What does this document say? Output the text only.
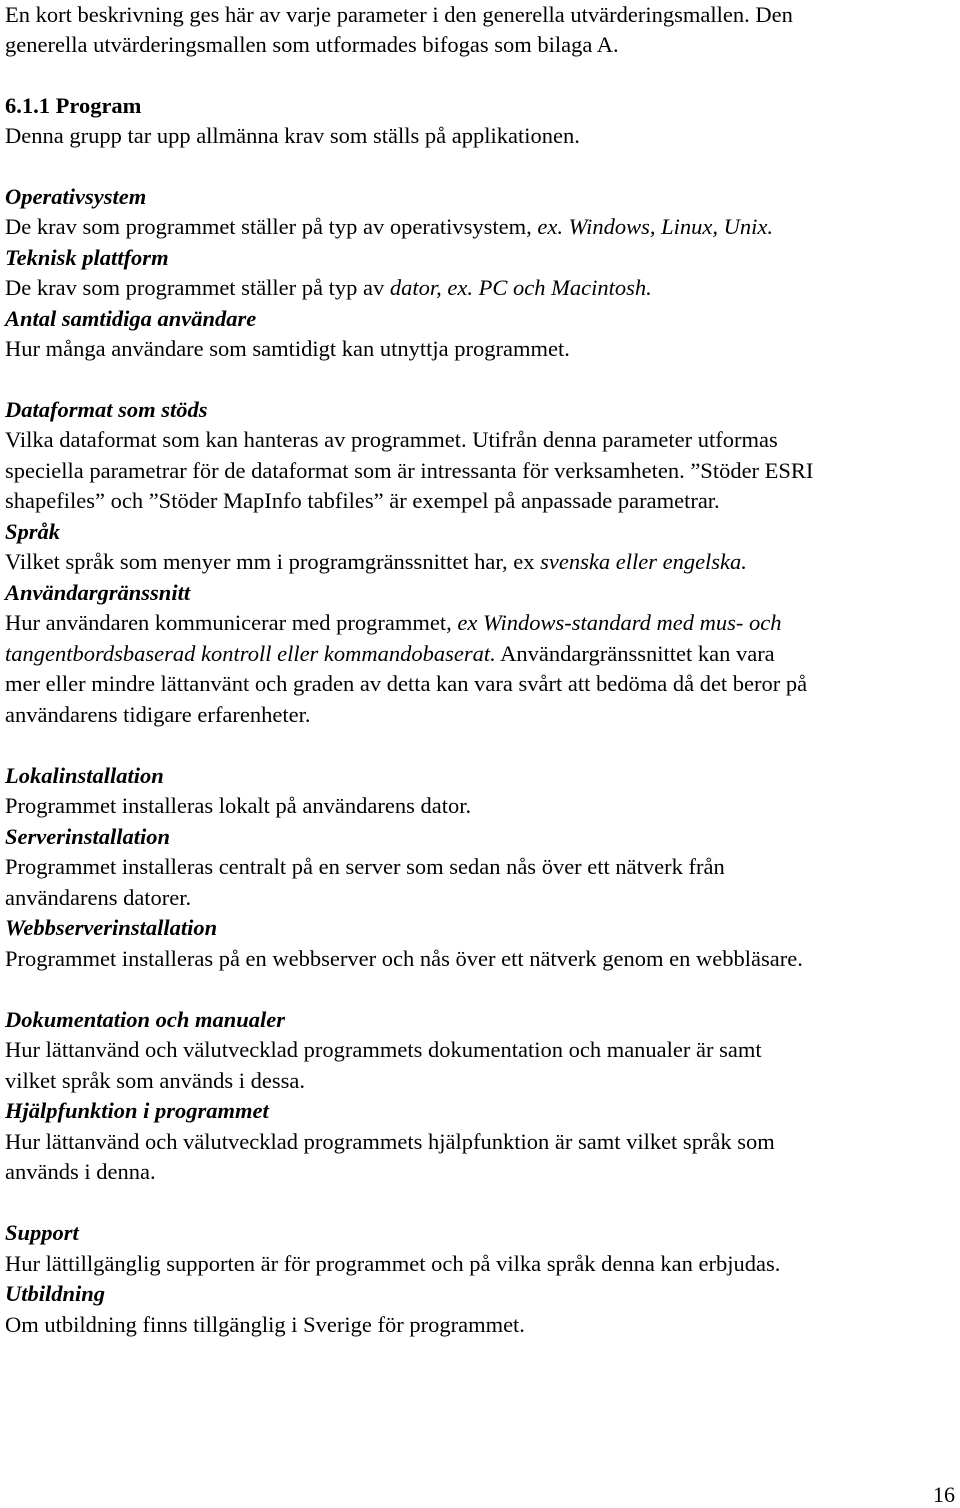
En kort beskrivning ges här av varje parameter i den generella utvärderingsmallen. Den
generella utvärderingsmallen som utformades bifogas som bilaga A.
6.1.1 Program
Denna grupp tar upp allmänna krav som ställs på applikationen.
Operativsystem
De krav som programmet ställer på typ av operativsystem, ex. Windows, Linux, Unix.
Teknisk plattform
De krav som programmet ställer på typ av dator, ex. PC och Macintosh.
Antal samtidiga användare
Hur många användare som samtidigt kan utnyttja programmet.
Dataformat som stöds
Vilka dataformat som kan hanteras av programmet. Utifrån denna parameter utformas
speciella parametrar för de dataformat som är intressanta för verksamheten. ”Stöder ESRI
shapefiles” och ”Stöder MapInfo tabfiles” är exempel på anpassade parametrar.
Språk
Vilket språk som menyer mm i programgränssnittet har, ex svenska eller engelska.
Användargränssnitt
Hur användaren kommunicerar med programmet, ex Windows-standard med mus- och
tangentbordsbaserad kontroll eller kommandobaserat. Användargränssnittet kan vara
mer eller mindre lättanvänt och graden av detta kan vara svårt att bedöma då det beror på
användarens tidigare erfarenheter.
Lokalinstallation
Programmet installeras lokalt på användarens dator.
Serverinstallation
Programmet installeras centralt på en server som sedan nås över ett nätverk från
användarens datorer.
Webbserverinstallation
Programmet installeras på en webbserver och nås över ett nätverk genom en webbläsare.
Dokumentation och manualer
Hur lättanvänd och välutvecklad programmets dokumentation och manualer är samt
vilket språk som används i dessa.
Hjälpfunktion i programmet
Hur lättanvänd och välutvecklad programmets hjälpfunktion är samt vilket språk som
används i denna.
Support
Hur lättillgänglig supporten är för programmet och på vilka språk denna kan erbjudas.
Utbildning
Om utbildning finns tillgänglig i Sverige för programmet.
16
